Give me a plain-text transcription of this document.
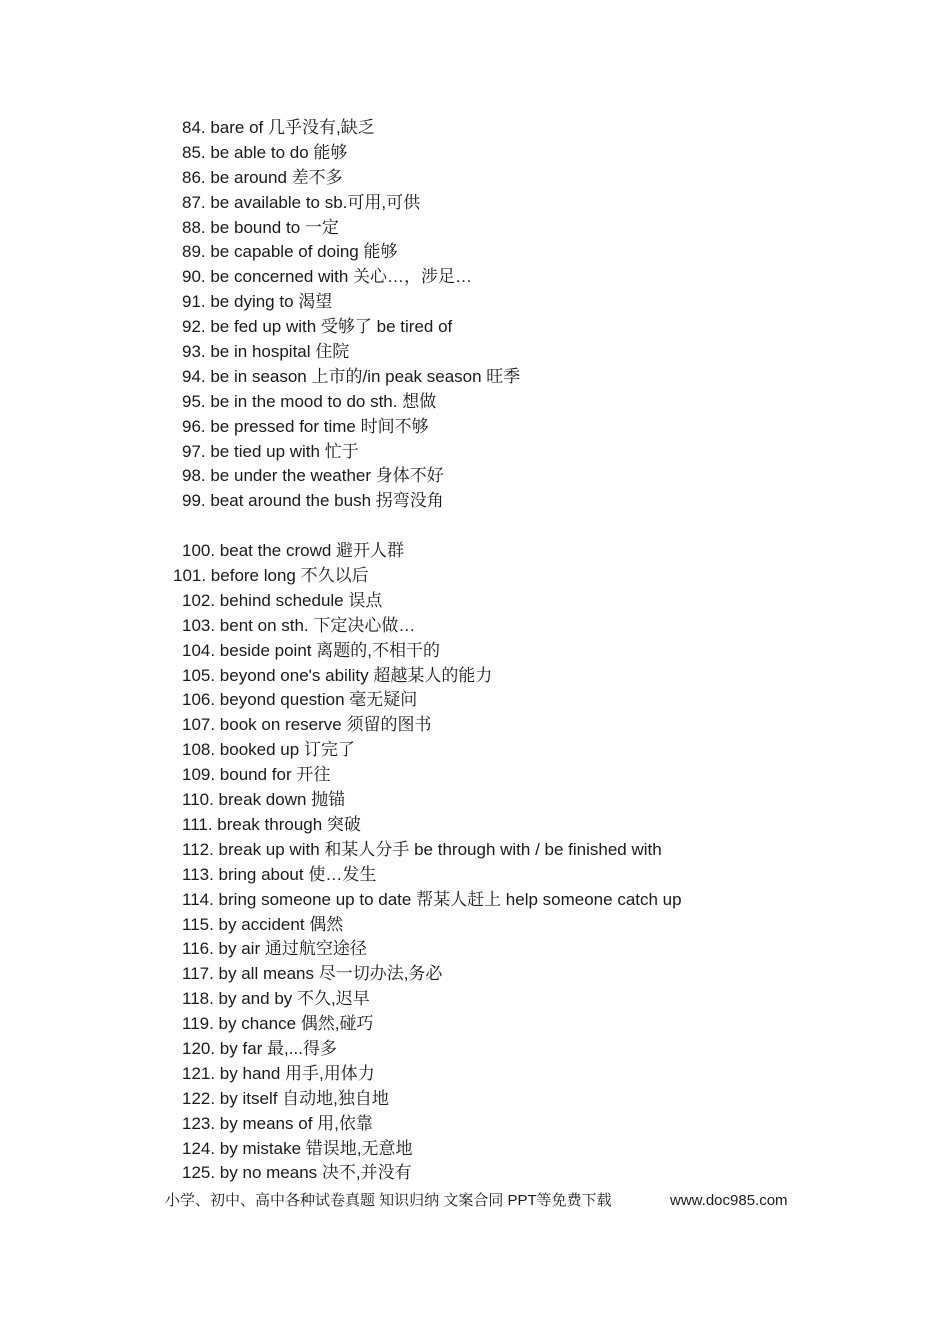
84. bare of 几乎没有,缺乏
85. be able to do 能够
86. be around 差不多
87. be available to sb.可用,可供
88. be bound to 一定
89. be capable of doing 能够
90. be concerned with 关心…，涉足…
91. be dying to 渴望
92. be fed up with 受够了 be tired of
93. be in hospital 住院
94. be in season 上市的/in peak season 旺季
95. be in the mood to do sth. 想做
96. be pressed for time 时间不够
97. be tied up with 忙于
98. be under the weather 身体不好
99. beat around the bush 拐弯没角
100. beat the crowd 避开人群
101. before long 不久以后
102. behind schedule 误点
103. bent on sth. 下定决心做…
104. beside point 离题的,不相干的
105. beyond one's ability 超越某人的能力
106. beyond question 毫无疑问
107. book on reserve 须留的图书
108. booked up 订完了
109. bound for 开往
110. break down 抛锚
111. break through 突破
112. break up with 和某人分手 be through with / be finished with
113. bring about 使…发生
114. bring someone up to date 帮某人赶上 help someone catch up
115. by accident 偶然
116. by air 通过航空途径
117. by all means 尽一切办法,务必
118. by and by 不久,迟早
119. by chance 偶然,碰巧
120. by far 最,...得多
121. by hand 用手,用体力
122. by itself 自动地,独自地
123. by means of 用,依靠
124. by mistake 错误地,无意地
125. by no means 决不,并没有
小学、初中、高中各种试卷真题 知识归纳 文案合同 PPT等免费下载	www.doc985.com
